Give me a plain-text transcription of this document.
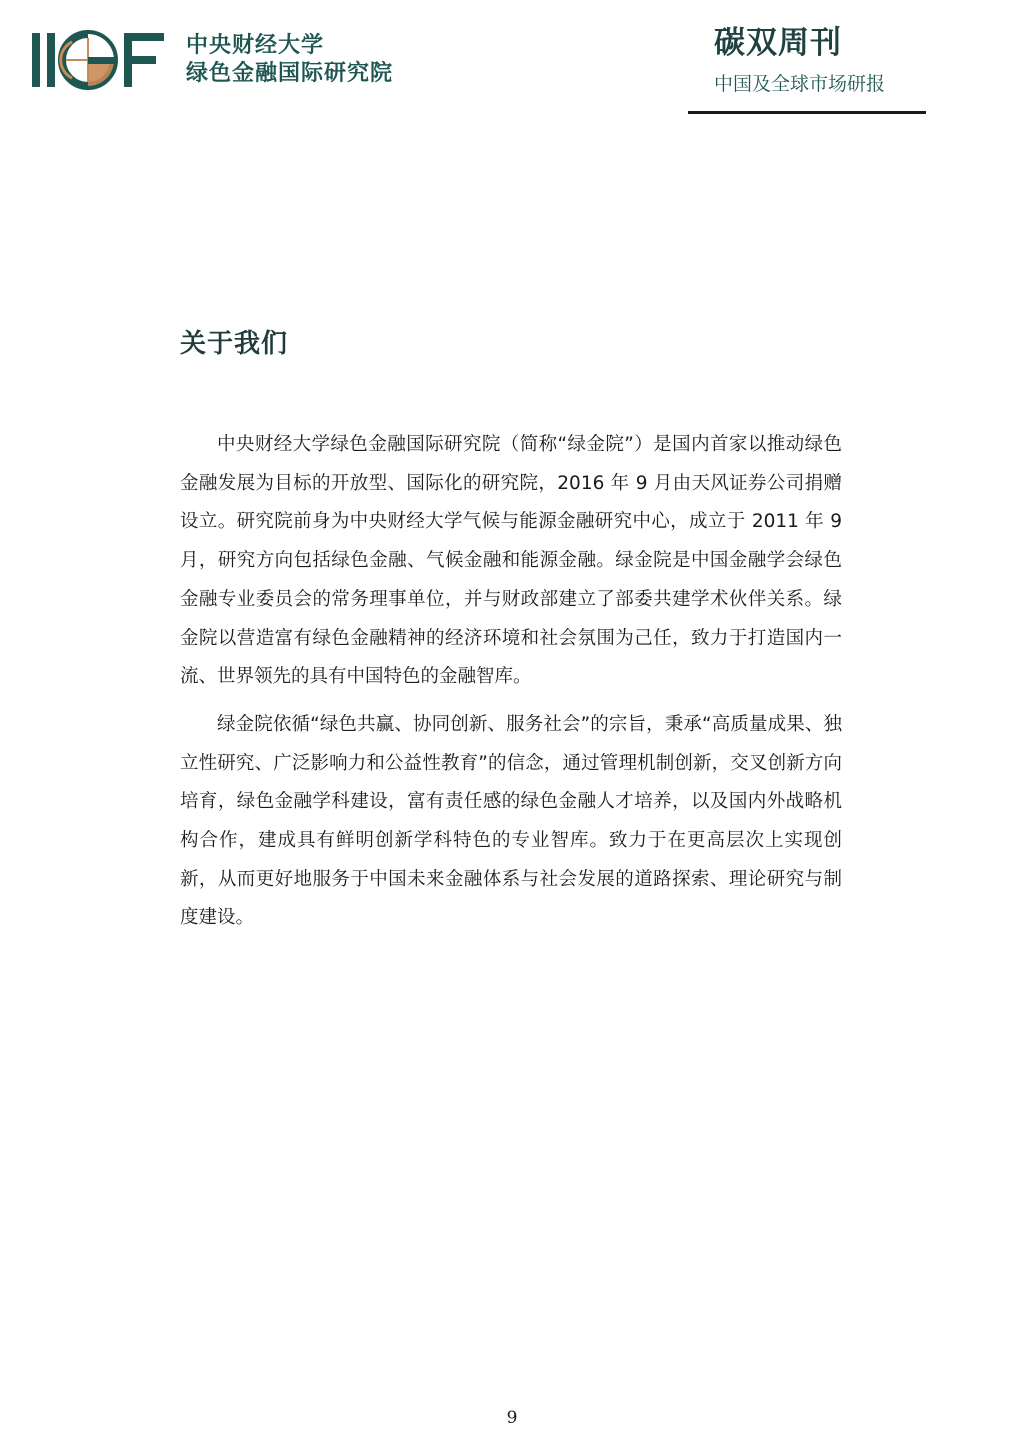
中央财经大学
绿色金融国际研究院
碳双周刊
中国及全球市场研报
关于我们

中央财经大学绿色金融国际研究院（简称“绿金院”）是国内首家以推动绿色金融发展为目标的开放型、国际化的研究院，2016 年 9 月由天风证券公司捐赠设立。研究院前身为中央财经大学气候与能源金融研究中心，成立于 2011 年 9 月，研究方向包括绿色金融、气候金融和能源金融。绿金院是中国金融学会绿色金融专业委员会的常务理事单位，并与财政部建立了部委共建学术伙伴关系。绿金院以营造富有绿色金融精神的经济环境和社会氛围为己任，致力于打造国内一流、世界领先的具有中国特色的金融智库。

绿金院依循“绿色共赢、协同创新、服务社会”的宗旨，秉承“高质量成果、独立性研究、广泛影响力和公益性教育”的信念，通过管理机制创新，交叉创新方向培育，绿色金融学科建设，富有责任感的绿色金融人才培养，以及国内外战略机构合作，建成具有鲜明创新学科特色的专业智库。致力于在更高层次上实现创新，从而更好地服务于中国未来金融体系与社会发展的道路探索、理论研究与制度建设。

9
